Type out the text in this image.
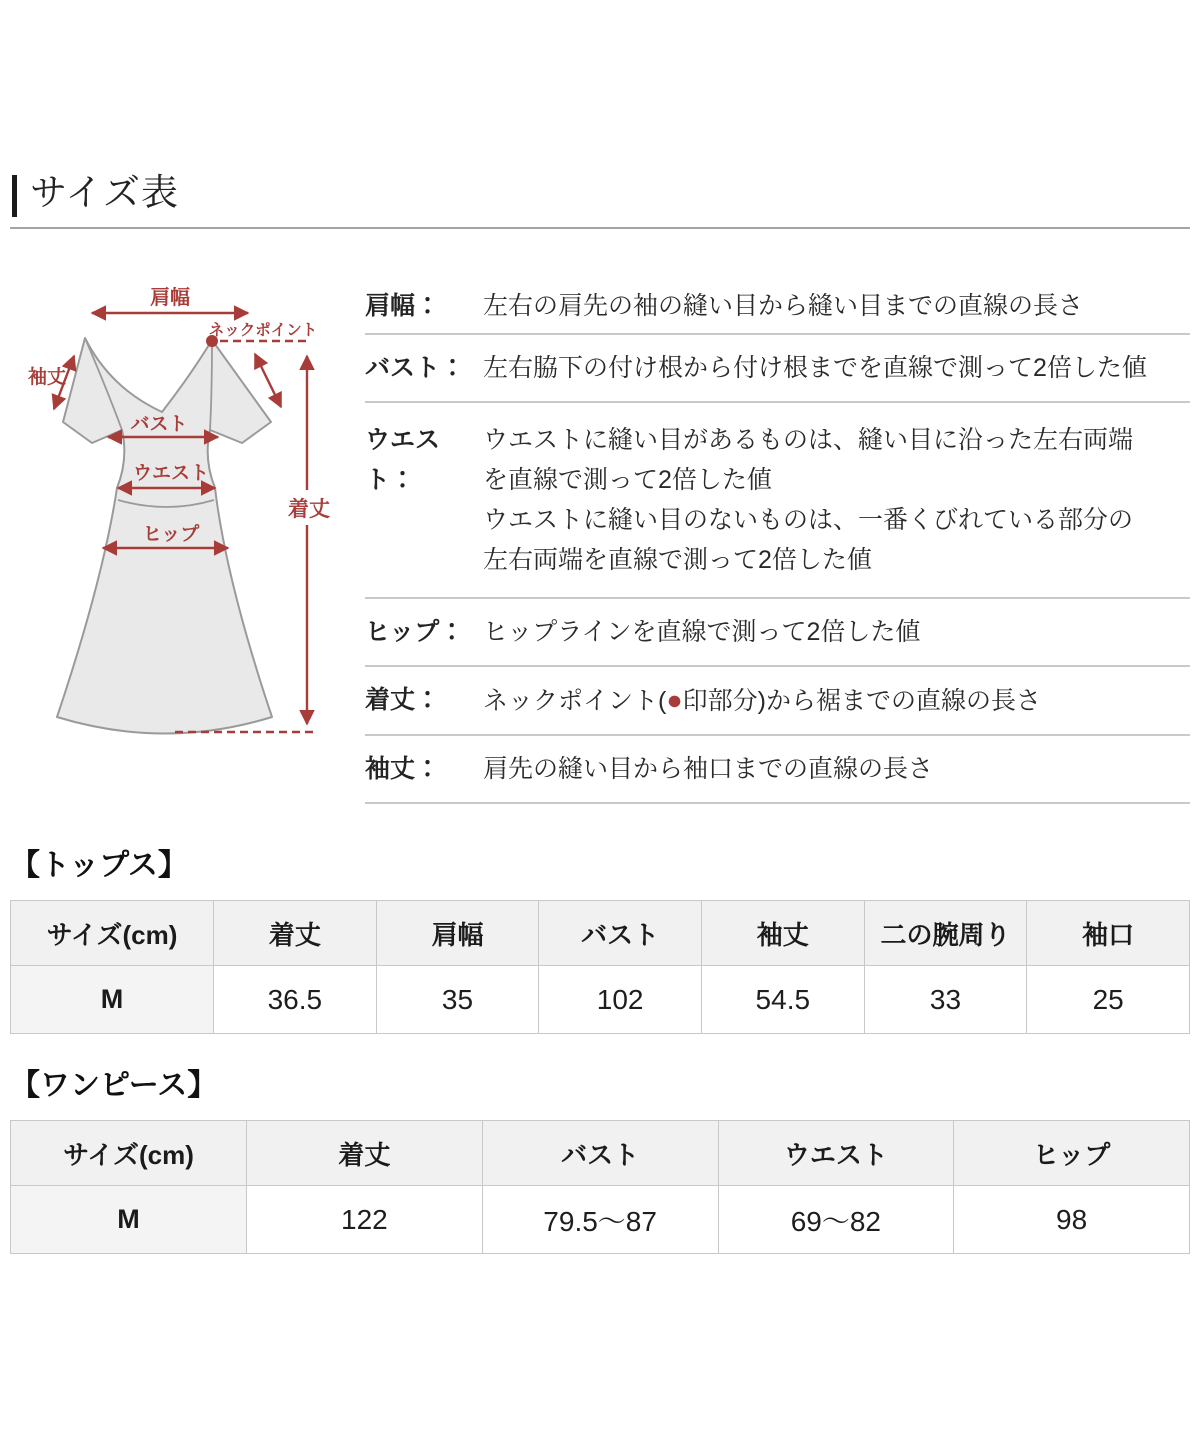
サイズ表
肩幅
ネックポイント
袖丈
バスト
ウエスト
ヒップ
着丈
肩幅：	左右の肩先の袖の縫い目から縫い目までの直線の長さ
バスト： 左右脇下の付け根から付け根までを直線で測って2倍した値
ウエスト：
ウエストに縫い目があるものは、縫い目に沿った左右両端
を直線で測って2倍した値
ウエストに縫い目のないものは、一番くびれている部分の
左右両端を直線で測って2倍した値
ヒップ： ヒップラインを直線で測って2倍した値
着丈：	ネックポイント(●印部分)から裾までの直線の長さ
袖丈：	肩先の縫い目から袖口までの直線の長さ
【トップス】
サイズ(cm)	着丈	肩幅	バスト	袖丈	二の腕周り	袖口
M	36.5	35	102	54.5	33	25
【ワンピース】
サイズ(cm)	着丈	バスト	ウエスト	ヒップ
M	122	79.5〜87	69〜82	98
